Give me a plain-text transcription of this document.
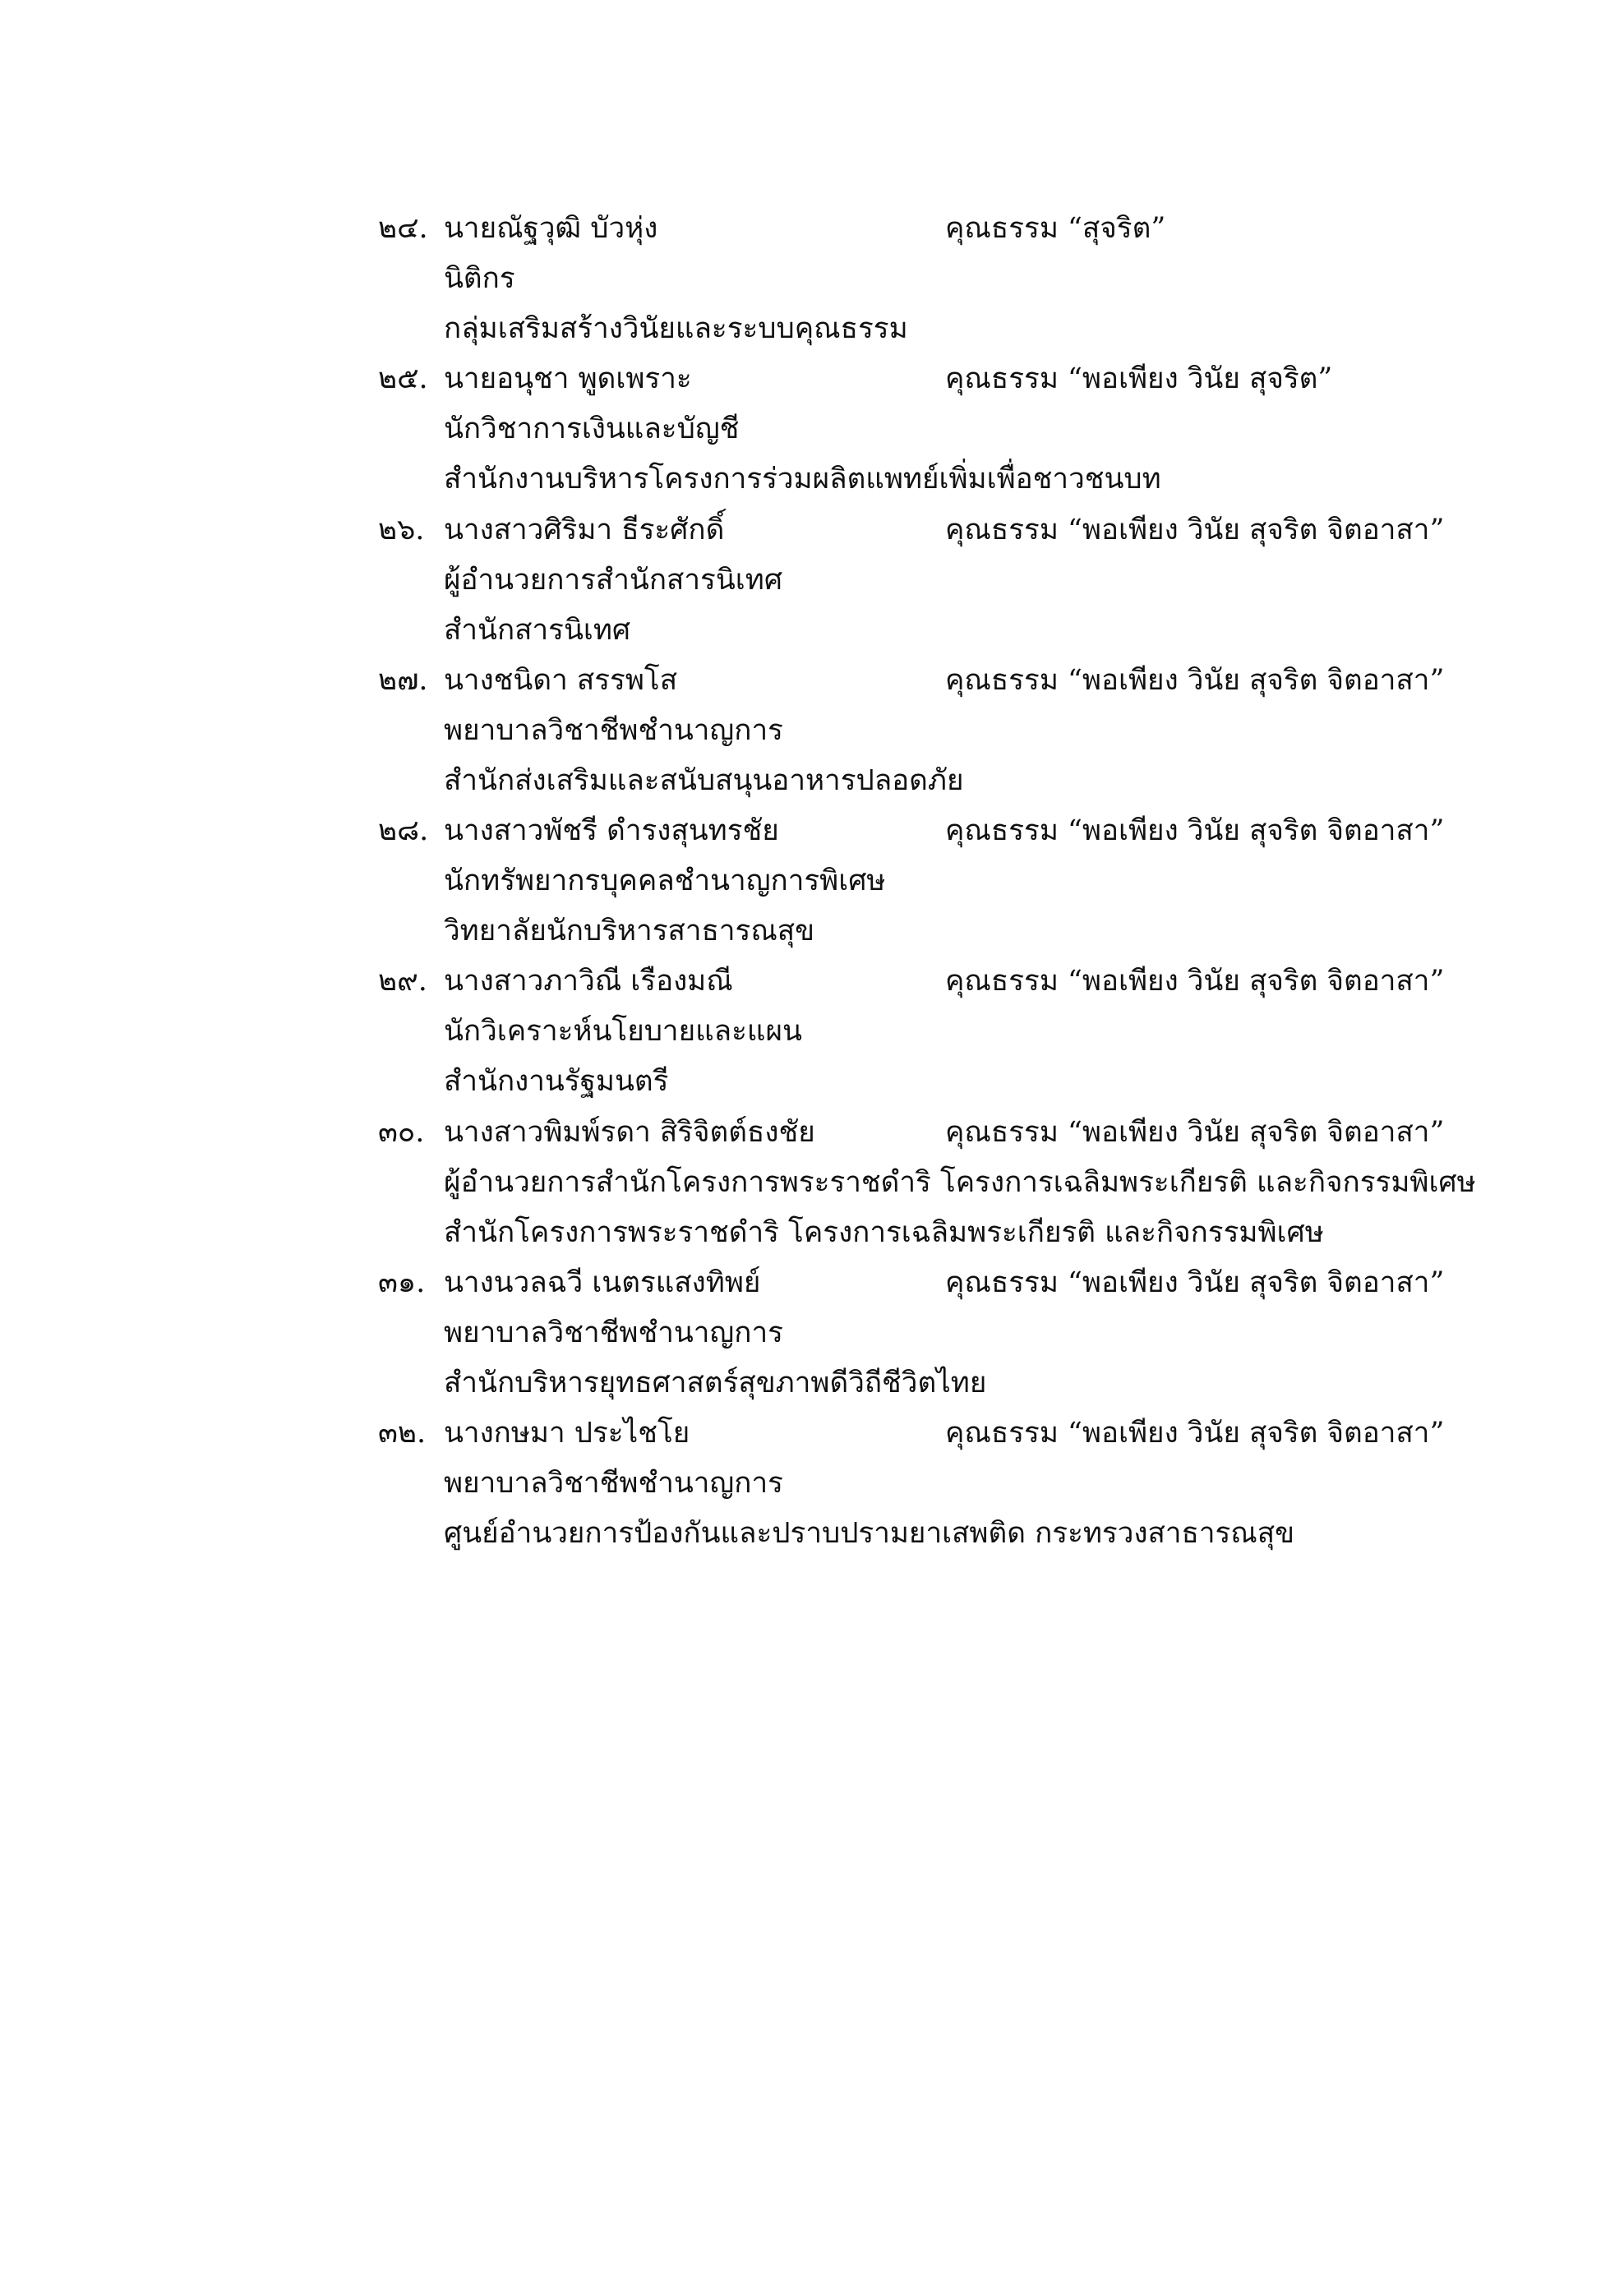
๒๔. นายณัฐวุฒิ บัวหุ่ง	คุณธรรม “สุจริต”
นิติกร
กลุ่มเสริมสร้างวินัยและระบบคุณธรรม
๒๕. นายอนุชา พูดเพราะ	คุณธรรม “พอเพียง วินัย สุจริต”
นักวิชาการเงินและบัญชี
สำนักงานบริหารโครงการร่วมผลิตแพทย์เพิ่มเพื่อชาวชนบท
๒๖. นางสาวศิริมา ธีระศักดิ์	คุณธรรม “พอเพียง วินัย สุจริต จิตอาสา”
ผู้อำนวยการสำนักสารนิเทศ
สำนักสารนิเทศ
๒๗. นางชนิดา สรรพโส	คุณธรรม “พอเพียง วินัย สุจริต จิตอาสา”
พยาบาลวิชาชีพชำนาญการ
สำนักส่งเสริมและสนับสนุนอาหารปลอดภัย
๒๘. นางสาวพัชรี ดำรงสุนทรชัย	คุณธรรม “พอเพียง วินัย สุจริต จิตอาสา”
นักทรัพยากรบุคคลชำนาญการพิเศษ
วิทยาลัยนักบริหารสาธารณสุข
๒๙. นางสาวภาวิณี เรืองมณี	คุณธรรม “พอเพียง วินัย สุจริต จิตอาสา”
นักวิเคราะห์นโยบายและแผน
สำนักงานรัฐมนตรี
๓๐. นางสาวพิมพ์รดา สิริจิตต์ธงชัย	คุณธรรม “พอเพียง วินัย สุจริต จิตอาสา”
ผู้อำนวยการสำนักโครงการพระราชดำริ โครงการเฉลิมพระเกียรติ และกิจกรรมพิเศษ
สำนักโครงการพระราชดำริ โครงการเฉลิมพระเกียรติ และกิจกรรมพิเศษ
๓๑. นางนวลฉวี เนตรแสงทิพย์	คุณธรรม “พอเพียง วินัย สุจริต จิตอาสา”
พยาบาลวิชาชีพชำนาญการ
สำนักบริหารยุทธศาสตร์สุขภาพดีวิถีชีวิตไทย
๓๒. นางกษมา ประไชโย	คุณธรรม “พอเพียง วินัย สุจริต จิตอาสา”
พยาบาลวิชาชีพชำนาญการ
ศูนย์อำนวยการป้องกันและปราบปรามยาเสพติด กระทรวงสาธารณสุข
